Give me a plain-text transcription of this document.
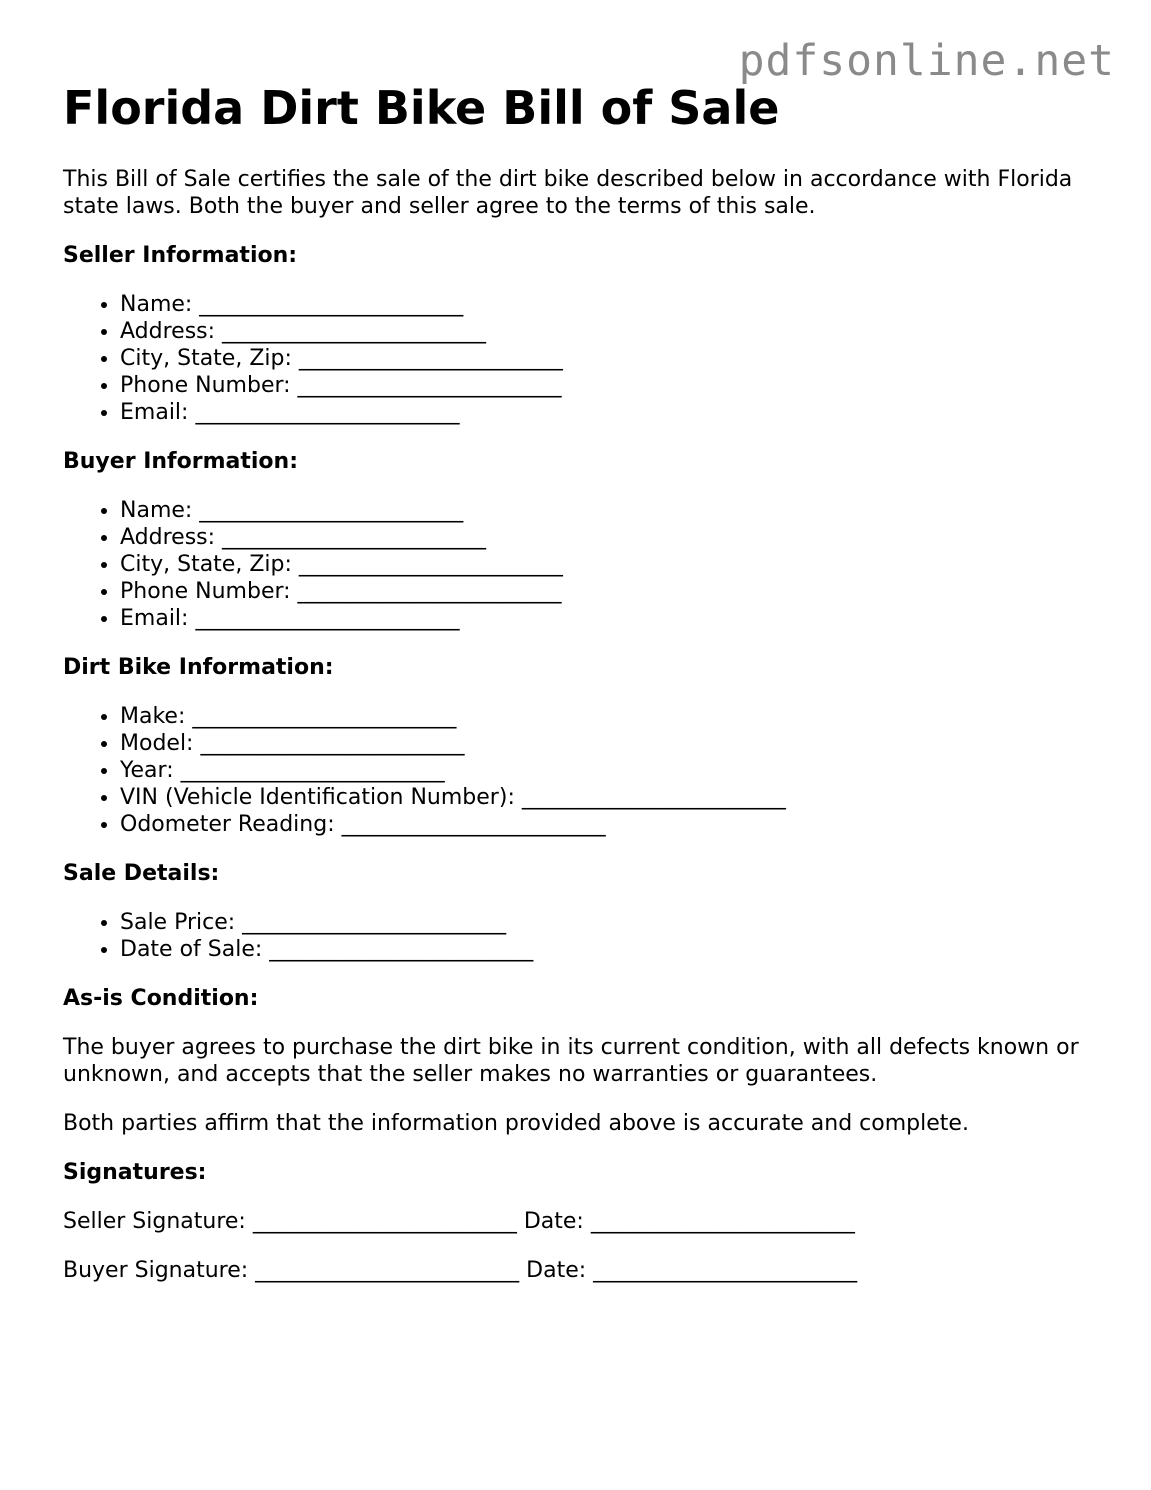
pdfsonline.net
Florida Dirt Bike Bill of Sale

This Bill of Sale certifies the sale of the dirt bike described below in accordance with Florida state laws. Both the buyer and seller agree to the terms of this sale.

Seller Information:
• Name: ________________________
• Address: ________________________
• City, State, Zip: ________________________
• Phone Number: ________________________
• Email: ________________________
Buyer Information:
• Name: ________________________
• Address: ________________________
• City, State, Zip: ________________________
• Phone Number: ________________________
• Email: ________________________
Dirt Bike Information:
• Make: ________________________
• Model: ________________________
• Year: ________________________
• VIN (Vehicle Identification Number): ________________________
• Odometer Reading: ________________________
Sale Details:
• Sale Price: ________________________
• Date of Sale: ________________________
As-is Condition:

The buyer agrees to purchase the dirt bike in its current condition, with all defects known or unknown, and accepts that the seller makes no warranties or guarantees.

Both parties affirm that the information provided above is accurate and complete.

Signatures:

Seller Signature: ________________________ Date: ________________________

Buyer Signature: ________________________ Date: ________________________
